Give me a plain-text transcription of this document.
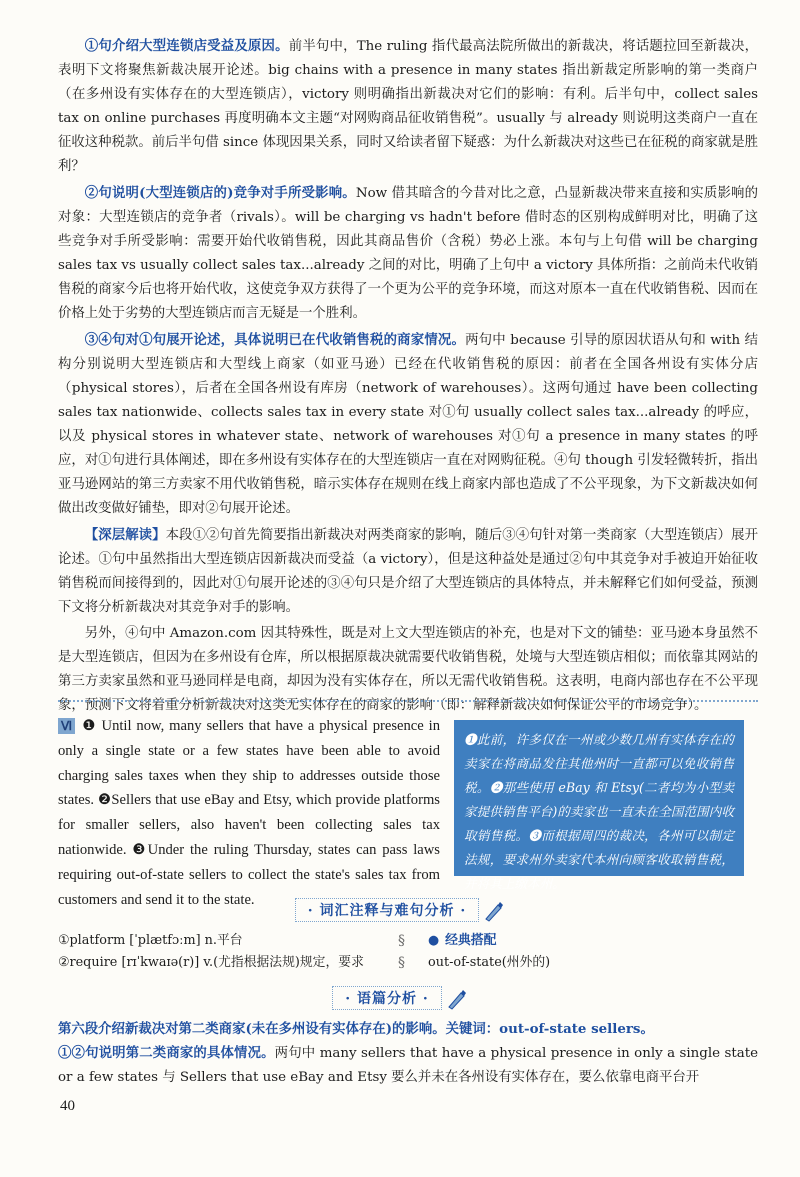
①句介绍大型连锁店受益及原因。前半句中，The ruling 指代最高法院所做出的新裁决，将话题拉回至新裁决，表明下文将聚焦新裁决展开论述。big chains with a presence in many states 指出新裁定所影响的第一类商户（在多州设有实体存在的大型连锁店），victory 则明确指出新裁决对它们的影响：有利。后半句中，collect sales tax on online purchases 再度明确本文主题“对网购商品征收销售税”。usually 与 already 则说明这类商户一直在征收这种税款。前后半句借 since 体现因果关系，同时又给读者留下疑惑：为什么新裁决对这些已在征税的商家就是胜利？

②句说明(大型连锁店的)竞争对手所受影响。Now 借其暗含的今昔对比之意，凸显新裁决带来直接和实质影响的对象：大型连锁店的竞争者（rivals）。will be charging vs hadn't before 借时态的区别构成鲜明对比，明确了这些竞争对手所受影响：需要开始代收销售税，因此其商品售价（含税）势必上涨。本句与上句借 will be charging sales tax vs usually collect sales tax...already 之间的对比，明确了上句中 a victory 具体所指：之前尚未代收销售税的商家今后也将开始代收，这使竞争双方获得了一个更为公平的竞争环境，而这对原本一直在代收销售税、因而在价格上处于劣势的大型连锁店而言无疑是一个胜利。

③④句对①句展开论述，具体说明已在代收销售税的商家情况。两句中 because 引导的原因状语从句和 with 结构分别说明大型连锁店和大型线上商家（如亚马逊）已经在代收销售税的原因：前者在全国各州设有实体分店（physical stores），后者在全国各州设有库房（network of warehouses）。这两句通过 have been collecting sales tax nationwide、collects sales tax in every state 对①句 usually collect sales tax...already 的呼应，以及 physical stores in whatever state、network of warehouses 对①句 a presence in many states 的呼应，对①句进行具体阐述，即在多州设有实体存在的大型连锁店一直在对网购征税。④句 though 引发轻微转折，指出亚马逊网站的第三方卖家不用代收销售税，暗示实体存在规则在线上商家内部也造成了不公平现象，为下文新裁决如何做出改变做好铺垫，即对②句展开论述。

【深层解读】本段①②句首先简要指出新裁决对两类商家的影响，随后③④句针对第一类商家（大型连锁店）展开论述。①句中虽然指出大型连锁店因新裁决而受益（a victory），但是这种益处是通过②句中其竞争对手被迫开始征收销售税而间接得到的，因此对①句展开论述的③④句只是介绍了大型连锁店的具体特点，并未解释它们如何受益，预测下文将分析新裁决对其竞争对手的影响。

另外，④句中 Amazon.com 因其特殊性，既是对上文大型连锁店的补充，也是对下文的铺垫：亚马逊本身虽然不是大型连锁店，但因为在多州设有仓库，所以根据原裁决就需要代收销售税，处境与大型连锁店相似；而依靠其网站的第三方卖家虽然和亚马逊同样是电商，却因为没有实体存在，所以无需代收销售税。这表明，电商内部也存在不公平现象，预测下文将着重分析新裁决对这类无实体存在的商家的影响（即：解释新裁决如何保证公平的市场竞争）。

Ⅵ ❶ Until now, many sellers that have a physical presence in only a single state or a few states have been able to avoid charging sales taxes when they ship to addresses outside those states. ❷Sellers that use eBay and Etsy, which provide platforms for smaller sellers, also haven't been collecting sales tax nationwide. ❸Under the ruling Thursday, states can pass laws requiring out-of-state sellers to collect the state's sales tax from customers and send it to the state.
❶此前，许多仅在一州或少数几州有实体存在的卖家在将商品发往其他州时一直都可以免收销售税。❷那些使用 eBay 和 Etsy(二者均为小型卖家提供销售平台)的卖家也一直未在全国范围内收取销售税。❸而根据周四的裁决，各州可以制定法规，要求州外卖家代本州向顾客收取销售税，并将其上缴本州。
· 词汇注释与难句分析 ·
①platform [ˈplætfɔːm] n.平台
②require [rɪˈkwaɪə(r)] v.(尤指根据法规)规定，要求
§
§
● 经典搭配
out-of-state(州外的)
· 语篇分析 ·

第六段介绍新裁决对第二类商家(未在多州设有实体存在)的影响。关键词：out-of-state sellers。

①②句说明第二类商家的具体情况。两句中 many sellers that have a physical presence in only a single state or a few states 与 Sellers that use eBay and Etsy 要么并未在各州设有实体存在，要么依靠电商平台开

40
